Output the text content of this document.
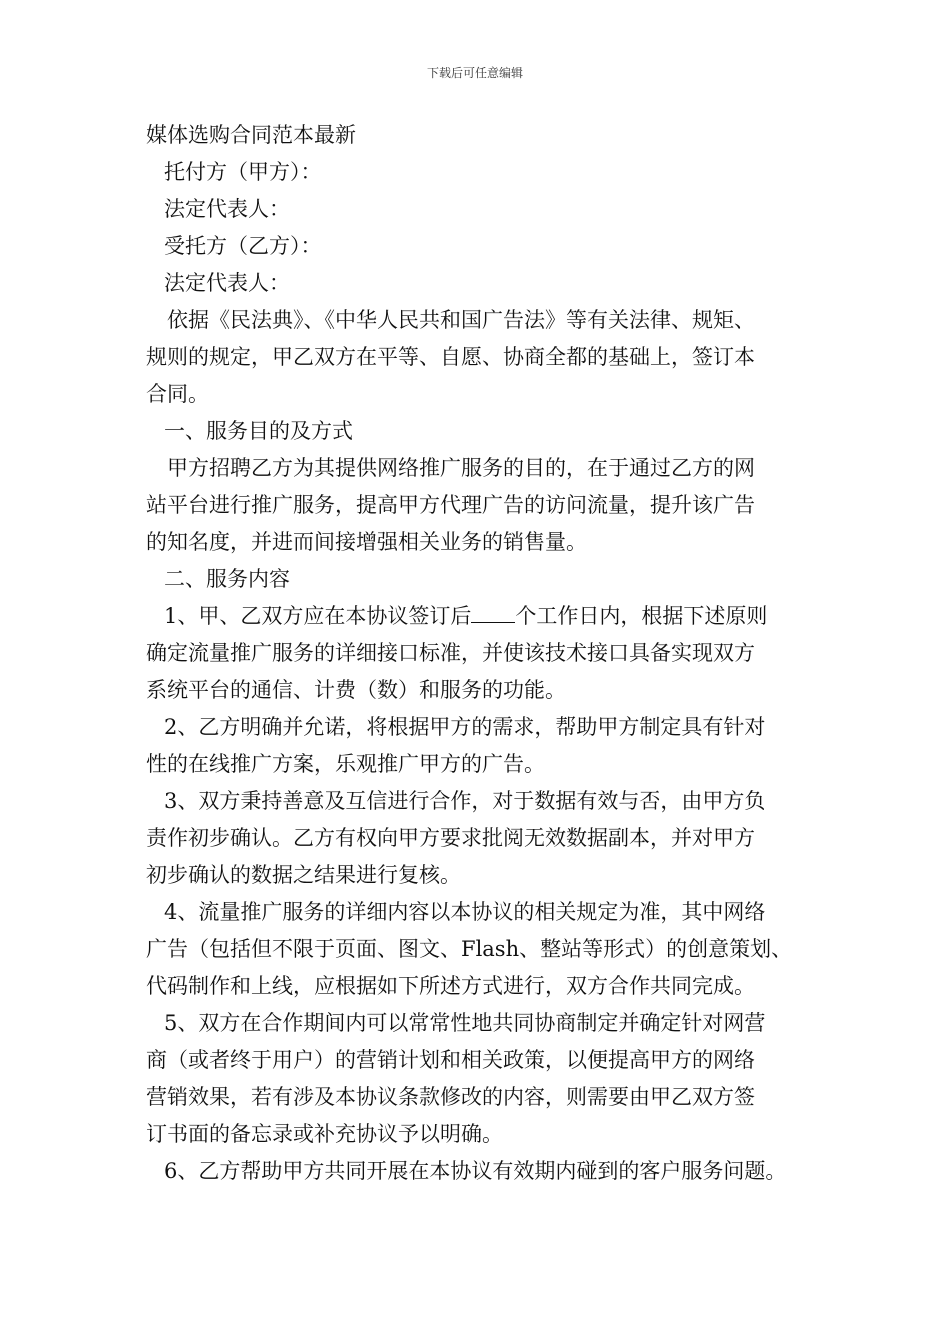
下载后可任意编辑

媒体选购合同范本最新

托付方（甲方）：

法定代表人：

受托方（乙方）：

法定代表人：

依据《民法典》、《中华人民共和国广告法》等有关法律、规矩、

规则的规定，甲乙双方在平等、自愿、协商全都的基础上，签订本

合同。

一、服务目的及方式

甲方招聘乙方为其提供网络推广服务的目的，在于通过乙方的网

站平台进行推广服务，提高甲方代理广告的访问流量，提升该广告

的知名度，并进而间接增强相关业务的销售量。

二、服务内容

1、甲、乙双方应在本协议签订后 个工作日内，根据下述原则

确定流量推广服务的详细接口标准，并使该技术接口具备实现双方

系统平台的通信、计费（数）和服务的功能。

2、乙方明确并允诺，将根据甲方的需求，帮助甲方制定具有针对

性的在线推广方案，乐观推广甲方的广告。

3、双方秉持善意及互信进行合作，对于数据有效与否，由甲方负

责作初步确认。乙方有权向甲方要求批阅无效数据副本，并对甲方

初步确认的数据之结果进行复核。

4、流量推广服务的详细内容以本协议的相关规定为准，其中网络

广告（包括但不限于页面、图文、Flash、整站等形式）的创意策划、

代码制作和上线，应根据如下所述方式进行，双方合作共同完成。

5、双方在合作期间内可以常常性地共同协商制定并确定针对网营

商（或者终于用户）的营销计划和相关政策，以便提高甲方的网络

营销效果，若有涉及本协议条款修改的内容，则需要由甲乙双方签

订书面的备忘录或补充协议予以明确。

6、乙方帮助甲方共同开展在本协议有效期内碰到的客户服务问题。
